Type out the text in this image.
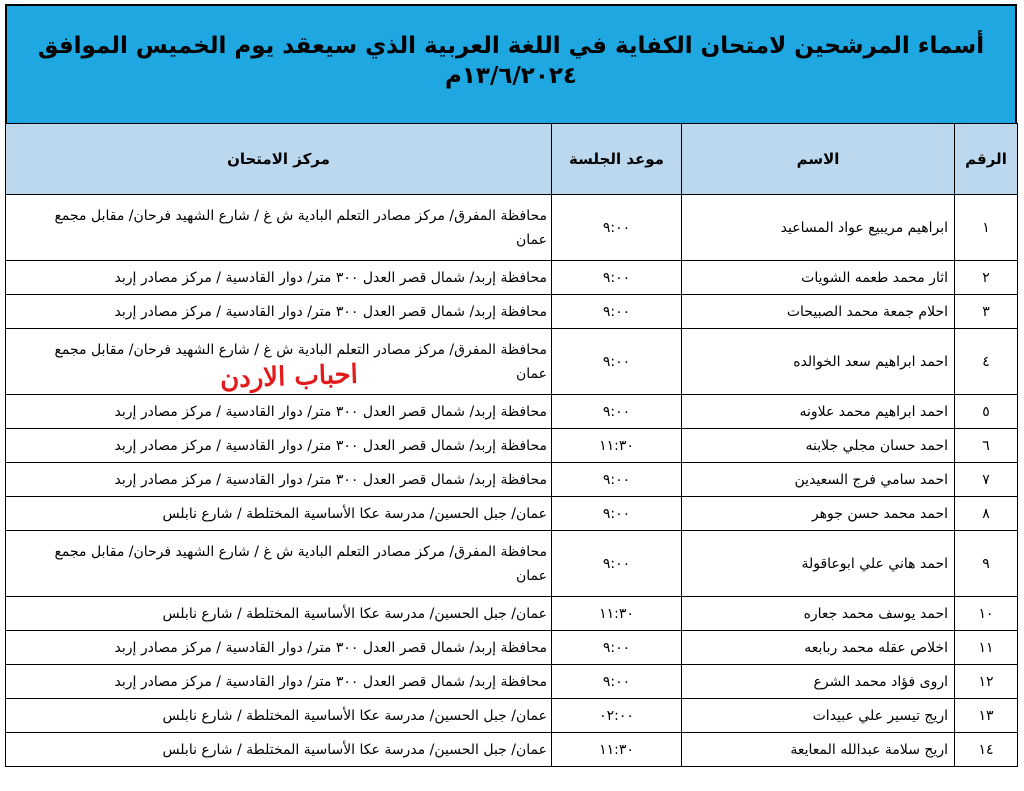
أسماء المرشحين لامتحان الكفاية في اللغة العربية الذي سيعقد يوم الخميس الموافق
١٣/٦/٢٠٢٤م
الرقم	الاسم	موعد الجلسة	مركز الامتحان
١	ابراهيم مريبيع عواد المساعيد	٩:٠٠	محافظة المفرق/ مركز مصادر التعلم البادية ش غ / شارع الشهيد فرحان/ مقابل مجمع
عمان

٢	اثار محمد طعمه الشويات	٩:٠٠	محافظة إربد/ شمال قصر العدل ٣٠٠ متر/ دوار القادسية / مركز مصادر إربد

٣	احلام جمعة محمد الصبيحات	٩:٠٠	محافظة إربد/ شمال قصر العدل ٣٠٠ متر/ دوار القادسية / مركز مصادر إربد

٤	احمد ابراهيم سعد الخوالده	٩:٠٠	محافظة المفرق/ مركز مصادر التعلم البادية ش غ / شارع الشهيد فرحان/ مقابل مجمع
عمان

٥	احمد ابراهيم محمد علاونه	٩:٠٠	محافظة إربد/ شمال قصر العدل ٣٠٠ متر/ دوار القادسية / مركز مصادر إربد

٦	احمد حسان مجلي جلابنه	١١:٣٠	محافظة إربد/ شمال قصر العدل ٣٠٠ متر/ دوار القادسية / مركز مصادر إربد

٧	احمد سامي فرج السعيدين	٩:٠٠	محافظة إربد/ شمال قصر العدل ٣٠٠ متر/ دوار القادسية / مركز مصادر إربد

٨	احمد محمد حسن جوهر	٩:٠٠	عمان/ جبل الحسين/ مدرسة عكا الأساسية المختلطة / شارع نابلس

٩	احمد هاني علي ابوعاقولة	٩:٠٠	محافظة المفرق/ مركز مصادر التعلم البادية ش غ / شارع الشهيد فرحان/ مقابل مجمع
عمان

١٠	احمد يوسف محمد جعاره	١١:٣٠	عمان/ جبل الحسين/ مدرسة عكا الأساسية المختلطة / شارع نابلس

١١	اخلاص عقله محمد ربابعه	٩:٠٠	محافظة إربد/ شمال قصر العدل ٣٠٠ متر/ دوار القادسية / مركز مصادر إربد

١٢	اروى فؤاد محمد الشرع	٩:٠٠	محافظة إربد/ شمال قصر العدل ٣٠٠ متر/ دوار القادسية / مركز مصادر إربد

١٣	اريج تيسير علي عبيدات	٠٢:٠٠	عمان/ جبل الحسين/ مدرسة عكا الأساسية المختلطة / شارع نابلس

١٤	اريج سلامة عبدالله المعايعة	١١:٣٠	عمان/ جبل الحسين/ مدرسة عكا الأساسية المختلطة / شارع نابلس
احباب الاردن
